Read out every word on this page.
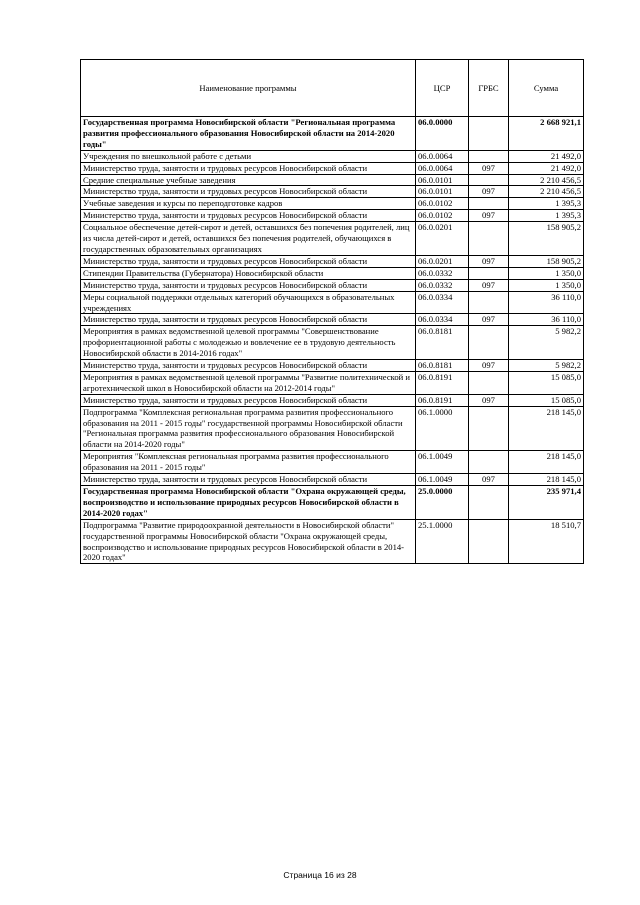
Наименование программы	ЦСР	ГРБС	Сумма
Государственная программа Новосибирской области "Региональная программа развития профессионального образования Новосибирской области на 2014-2020 годы"	06.0.0000		2 668 921,1
Учреждения по внешкольной работе с детьми	06.0.0064		21 492,0
Министерство труда, занятости и трудовых ресурсов Новосибирской области	06.0.0064	097	21 492,0
Средние специальные учебные заведения	06.0.0101		2 210 456,5
Министерство труда, занятости и трудовых ресурсов Новосибирской области	06.0.0101	097	2 210 456,5
Учебные заведения и курсы по переподготовке кадров	06.0.0102		1 395,3
Министерство труда, занятости и трудовых ресурсов Новосибирской области	06.0.0102	097	1 395,3
Социальное обеспечение детей-сирот и детей, оставшихся без попечения родителей, лиц из числа детей-сирот и детей, оставшихся без попечения родителей, обучающихся в государственных образовательных организациях	06.0.0201		158 905,2
Министерство труда, занятости и трудовых ресурсов Новосибирской области	06.0.0201	097	158 905,2
Стипендии Правительства (Губернатора) Новосибирской области	06.0.0332		1 350,0
Министерство труда, занятости и трудовых ресурсов Новосибирской области	06.0.0332	097	1 350,0
Меры социальной поддержки отдельных категорий обучающихся в образовательных учреждениях	06.0.0334		36 110,0
Министерство труда, занятости и трудовых ресурсов Новосибирской области	06.0.0334	097	36 110,0
Мероприятия в рамках ведомственной целевой программы "Совершенствование профориентационной работы с молодежью и вовлечение ее в трудовую деятельность Новосибирской области в 2014-2016 годах"	06.0.8181		5 982,2
Министерство труда, занятости и трудовых ресурсов Новосибирской области	06.0.8181	097	5 982,2
Мероприятия в рамках ведомственной целевой программы "Развитие политехнической и агротехнической школ в Новосибирской области на 2012-2014 годы"	06.0.8191		15 085,0
Министерство труда, занятости и трудовых ресурсов Новосибирской области	06.0.8191	097	15 085,0
Подпрограмма "Комплексная региональная программа развития профессионального образования на 2011 - 2015 годы" государственной программы Новосибирской области "Региональная программа развития профессионального образования Новосибирской области на 2014-2020 годы"	06.1.0000		218 145,0
Мероприятия "Комплексная региональная программа развития профессионального образования на 2011 - 2015 годы"	06.1.0049		218 145,0
Министерство труда, занятости и трудовых ресурсов Новосибирской области	06.1.0049	097	218 145,0
Государственная программа Новосибирской области "Охрана окружающей среды, воспроизводство и использование природных ресурсов Новосибирской области в 2014-2020 годах"	25.0.0000		235 971,4
Подпрограмма "Развитие природоохранной деятельности в Новосибирской области" государственной программы Новосибирской области "Охрана окружающей среды, воспроизводство и использование природных ресурсов Новосибирской области в 2014-2020 годах"	25.1.0000		18 510,7
Страница 16 из 28
